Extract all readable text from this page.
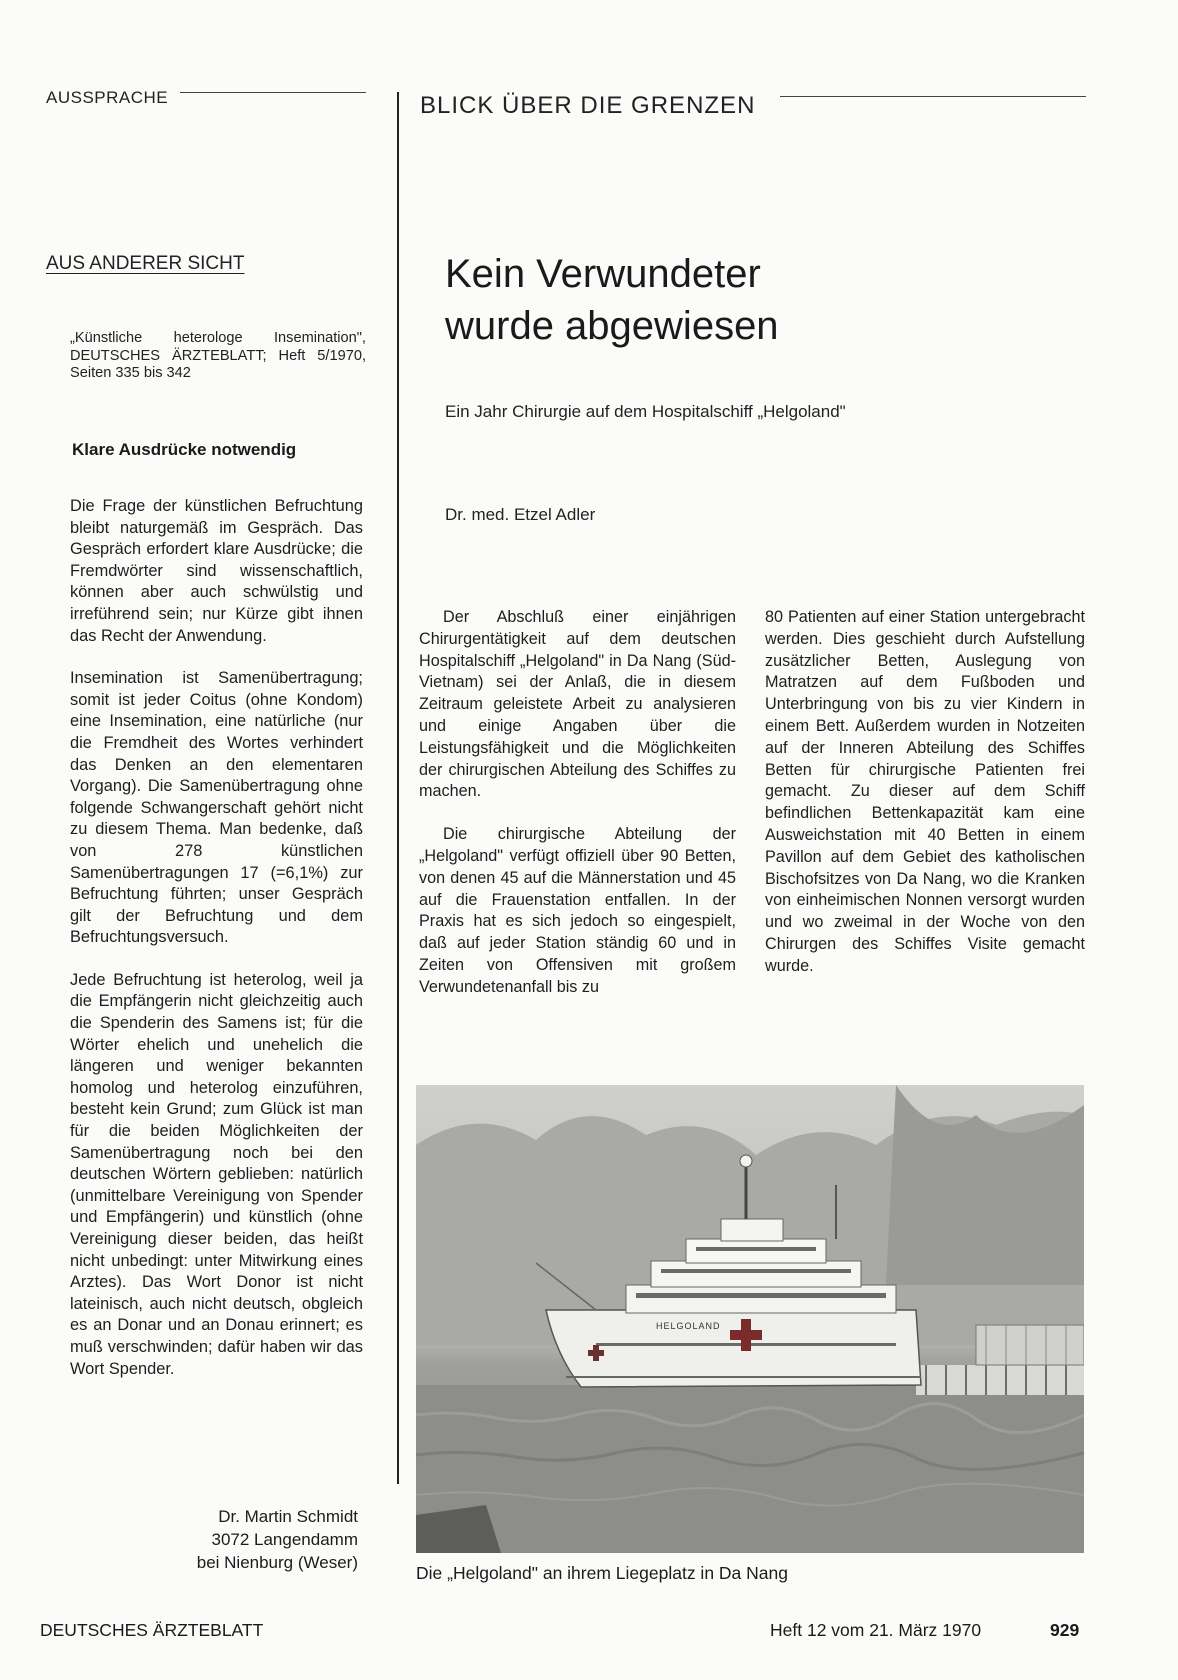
AUSSPRACHE	BLICK ÜBER DIE GRENZEN
AUS ANDERER SICHT
„Künstliche heterologe Insemination", DEUTSCHES ÄRZTEBLATT; Heft 5/1970, Seiten 335 bis 342
Klare Ausdrücke notwendig

Die Frage der künstlichen Befruchtung bleibt naturgemäß im Gespräch. Das Gespräch erfordert klare Ausdrücke; die Fremdwörter sind wissenschaftlich, können aber auch schwülstig und irreführend sein; nur Kürze gibt ihnen das Recht der Anwendung.

Insemination ist Samenübertragung; somit ist jeder Coitus (ohne Kondom) eine Insemination, eine natürliche (nur die Fremdheit des Wortes verhindert das Denken an den elementaren Vorgang). Die Samenübertragung ohne folgende Schwangerschaft gehört nicht zu diesem Thema. Man bedenke, daß von 278 künstlichen Samenübertragungen 17 (=6,1%) zur Befruchtung führten; unser Gespräch gilt der Befruchtung und dem Befruchtungsversuch.

Jede Befruchtung ist heterolog, weil ja die Empfängerin nicht gleichzeitig auch die Spenderin des Samens ist; für die Wörter ehelich und unehelich die längeren und weniger bekannten homolog und heterolog einzuführen, besteht kein Grund; zum Glück ist man für die beiden Möglichkeiten der Samenübertragung noch bei den deutschen Wörtern geblieben: natürlich (unmittelbare Vereinigung von Spender und Empfängerin) und künstlich (ohne Vereinigung dieser beiden, das heißt nicht unbedingt: unter Mitwirkung eines Arztes). Das Wort Donor ist nicht lateinisch, auch nicht deutsch, obgleich es an Donar und an Donau erinnert; es muß verschwinden; dafür haben wir das Wort Spender.

Dr. Martin Schmidt
3072 Langendamm
bei Nienburg (Weser)
Kein Verwundeter
wurde abgewiesen
Ein Jahr Chirurgie auf dem Hospitalschiff „Helgoland"
Dr. med. Etzel Adler

Der Abschluß einer einjährigen Chirurgentätigkeit auf dem deutschen Hospitalschiff „Helgoland" in Da Nang (Süd-Vietnam) sei der Anlaß, die in diesem Zeitraum geleistete Arbeit zu analysieren und einige Angaben über die Leistungsfähigkeit und die Möglichkeiten der chirurgischen Abteilung des Schiffes zu machen.

Die chirurgische Abteilung der „Helgoland" verfügt offiziell über 90 Betten, von denen 45 auf die Männerstation und 45 auf die Frauenstation entfallen. In der Praxis hat es sich jedoch so eingespielt, daß auf jeder Station ständig 60 und in Zeiten von Offensiven mit großem Verwundetenanfall bis zu

80 Patienten auf einer Station untergebracht werden. Dies geschieht durch Aufstellung zusätzlicher Betten, Auslegung von Matratzen auf dem Fußboden und Unterbringung von bis zu vier Kindern in einem Bett. Außerdem wurden in Notzeiten auf der Inneren Abteilung des Schiffes Betten für chirurgische Patienten frei gemacht. Zu dieser auf dem Schiff befindlichen Bettenkapazität kam eine Ausweichstation mit 40 Betten in einem Pavillon auf dem Gebiet des katholischen Bischofsitzes von Da Nang, wo die Kranken von einheimischen Nonnen versorgt wurden und wo zweimal in der Woche von den Chirurgen des Schiffes Visite gemacht wurde.

HELGOLAND
Die „Helgoland" an ihrem Liegeplatz in Da Nang
DEUTSCHES ÄRZTEBLATT	Heft 12 vom 21. März 1970	929
